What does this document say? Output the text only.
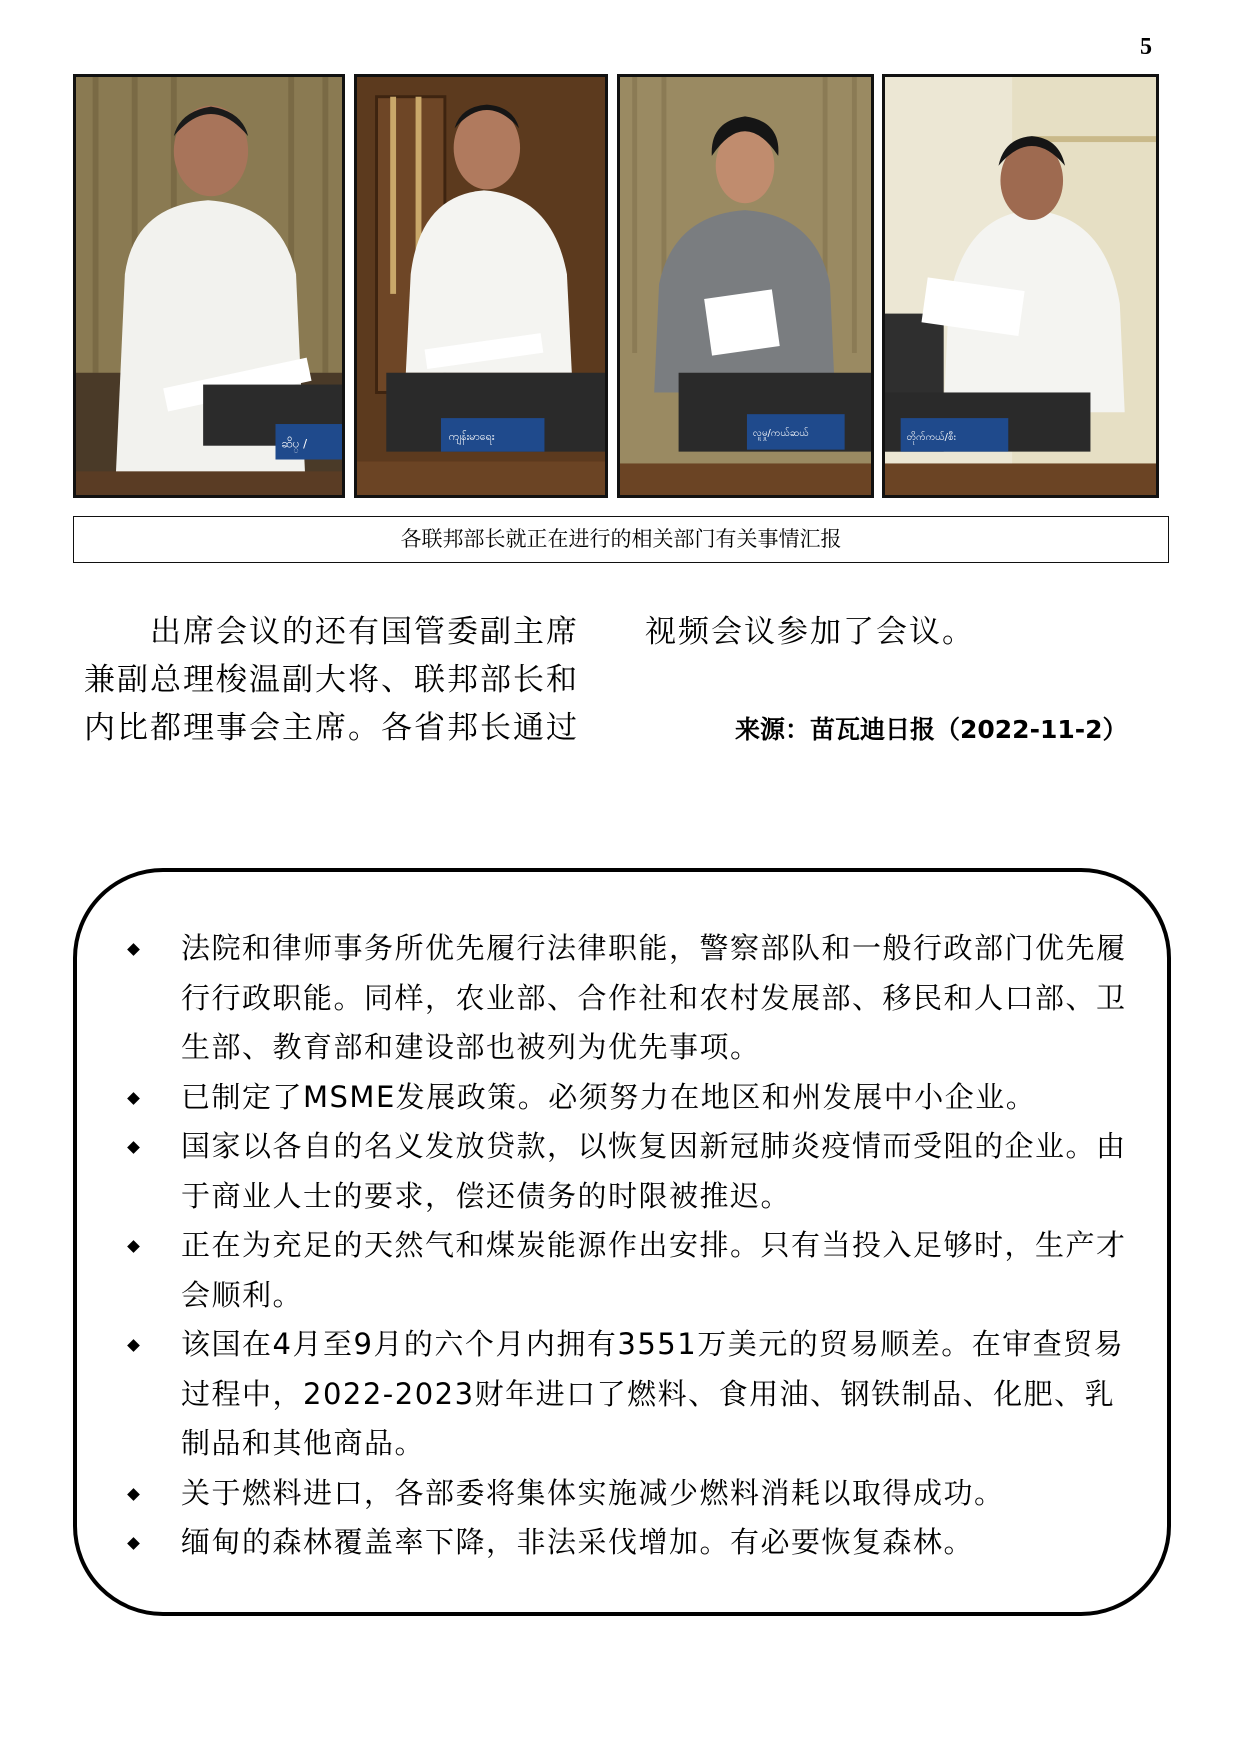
5
ဆိပ္ /
ကျန်းမာရေး	လူမှု/ကယ်ဆယ်	တိုက်ကယ်/စီး
各联邦部长就正在进行的相关部门有关事情汇报
　　出席会议的还有国管委副主席
兼副总理梭温副大将、联邦部长和
内比都理事会主席。各省邦长通过
视频会议参加了会议。
来源：苗瓦迪日报（2022-11-2）
法院和律师事务所优先履行法律职能，警察部队和一般行政部门优先履行行政职能。同样，农业部、合作社和农村发展部、移民和人口部、卫生部、教育部和建设部也被列为优先事项。
已制定了MSME发展政策。必须努力在地区和州发展中小企业。
国家以各自的名义发放贷款，以恢复因新冠肺炎疫情而受阻的企业。由于商业人士的要求，偿还债务的时限被推迟。
正在为充足的天然气和煤炭能源作出安排。只有当投入足够时，生产才会顺利。
该国在4月至9月的六个月内拥有3551万美元的贸易顺差。在审查贸易过程中，2022-2023财年进口了燃料、食用油、钢铁制品、化肥、乳制品和其他商品。
关于燃料进口，各部委将集体实施减少燃料消耗以取得成功。
缅甸的森林覆盖率下降，非法采伐增加。有必要恢复森林。
